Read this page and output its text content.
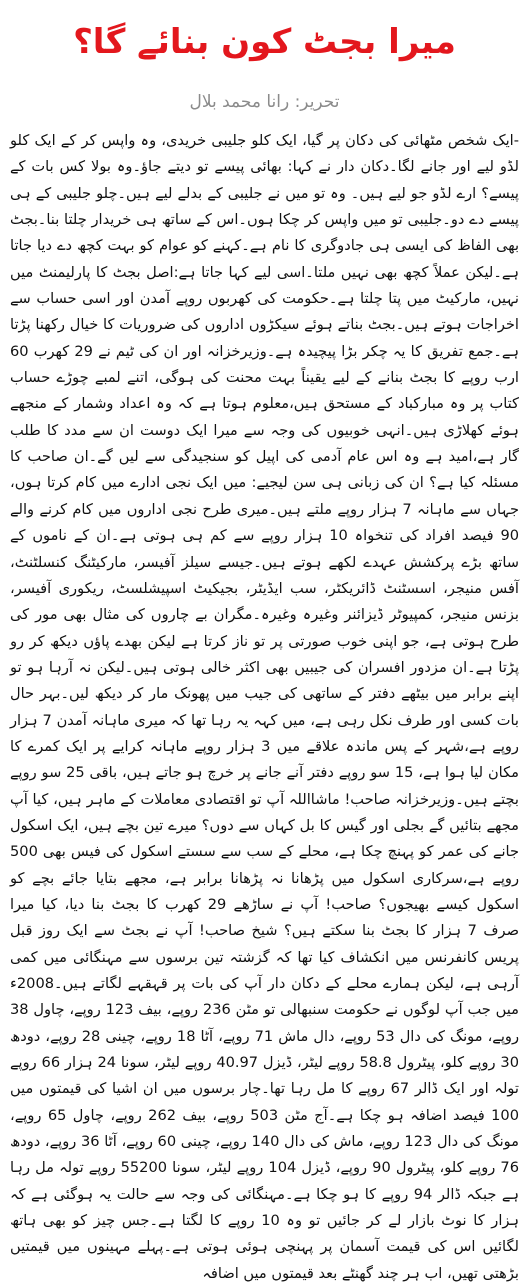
میرا بجٹ کون بنائے گا؟
تحریر: رانا محمد بلال

-ایک شخص مٹھائی کی دکان پر گیا، ایک کلو جلیبی خریدی، وہ واپس کر کے ایک کلو لڈو لیے اور جانے لگا۔دکان دار نے کہا: بھائی پیسے تو دیتے جاؤ۔وہ بولا کس بات کے پیسے؟ ارے لڈو جو لیے ہیں۔ وہ تو میں نے جلیبی کے بدلے لیے ہیں۔چلو جلیبی کے ہی پیسے دے دو۔جلیبی تو میں واپس کر چکا ہوں۔اس کے ساتھ ہی خریدار چلتا بنا۔بجٹ بھی الفاظ کی ایسی ہی جادوگری کا نام ہے۔کہنے کو عوام کو بہت کچھ دے دیا جاتا ہے۔لیکن عملاً کچھ بھی نہیں ملتا۔اسی لیے کہا جاتا ہے:اصل بجٹ کا پارلیمنٹ میں نہیں، مارکیٹ میں پتا چلتا ہے۔حکومت کی کھربوں روپے آمدن اور اسی حساب سے اخراجات ہوتے ہیں۔بجٹ بناتے ہوئے سیکڑوں اداروں کی ضروریات کا خیال رکھنا پڑتا ہے۔جمع تفریق کا یہ چکر بڑا پیچیدہ ہے۔وزیرخزانہ اور ان کی ٹیم نے 29 کھرب 60 ارب روپے کا بجٹ بنانے کے لیے یقیناً بہت محنت کی ہوگی، اتنے لمبے چوڑے حساب کتاب پر وہ مبارکباد کے مستحق ہیں،معلوم ہوتا ہے کہ وہ اعداد وشمار کے منجھے ہوئے کھلاڑی ہیں۔انہی خوبیوں کی وجہ سے میرا ایک دوست ان سے مدد کا طلب گار ہے،امید ہے وہ اس عام آدمی کی اپیل کو سنجیدگی سے لیں گے۔ان صاحب کا مسئلہ کیا ہے؟ ان کی زبانی ہی سن لیجیے: میں ایک نجی ادارے میں کام کرتا ہوں، جہاں سے ماہانہ 7 ہزار روپے ملتے ہیں۔میری طرح نجی اداروں میں کام کرنے والے 90 فیصد افراد کی تنخواہ 10 ہزار روپے سے کم ہی ہوتی ہے۔ان کے ناموں کے ساتھ بڑے پرکشش عہدے لکھے ہوتے ہیں۔جیسے سیلز آفیسر، مارکیٹنگ کنسلٹنٹ، آفس منیجر، اسسٹنٹ ڈائریکٹر، سب ایڈیٹر، بجیکیٹ اسپیشلسٹ، ریکوری آفیسر، بزنس منیجر، کمپیوٹر ڈیزائنر وغیرہ وغیرہ۔مگران بے چاروں کی مثال بھی مور کی طرح ہوتی ہے، جو اپنی خوب صورتی پر تو ناز کرتا ہے لیکن بھدے پاؤں دیکھ کر رو پڑتا ہے۔ان مزدور افسران کی جیبیں بھی اکثر خالی ہوتی ہیں۔لیکن نہ آرہا ہو تو اپنے برابر میں بیٹھے دفتر کے ساتھی کی جیب میں پھونک مار کر دیکھ لیں۔بہر حال بات کسی اور طرف نکل رہی ہے، میں کہہ یہ رہا تھا کہ میری ماہانہ آمدن 7 ہزار روپے ہے،شہر کے پس ماندہ علاقے میں 3 ہزار روپے ماہانہ کرایے پر ایک کمرے کا مکان لیا ہوا ہے، 15 سو روپے دفتر آنے جانے پر خرچ ہو جاتے ہیں، باقی 25 سو روپے بچتے ہیں۔وزیرخزانہ صاحب! ماشااللہ آپ تو اقتصادی معاملات کے ماہر ہیں، کیا آپ مجھے بتائیں گے بجلی اور گیس کا بل کہاں سے دوں؟ میرے تین بچے ہیں، ایک اسکول جانے کی عمر کو پہنچ چکا ہے، محلے کے سب سے سستے اسکول کی فیس بھی 500 روپے ہے،سرکاری اسکول میں پڑھانا نہ پڑھانا برابر ہے، مجھے بتایا جائے بچے کو اسکول کیسے بھیجوں؟ صاحب! آپ نے ساڑھے 29 کھرب کا بجٹ بنا دیا، کیا میرا صرف 7 ہزار کا بجٹ بنا سکتے ہیں؟ شیخ صاحب! آپ نے بجٹ سے ایک روز قبل پریس کانفرنس میں انکشاف کیا تھا کہ گزشتہ تین برسوں سے مہنگائی میں کمی آرہی ہے، لیکن ہمارے محلے کے دکان دار آپ کی بات پر قہقہے لگاتے ہیں۔2008ء میں جب آپ لوگوں نے حکومت سنبھالی تو مٹن 236 روپے، بیف 123 روپے، چاول 38 روپے، مونگ کی دال 53 روپے، دال ماش 71 روپے، آٹا 18 روپے، چینی 28 روپے، دودھ 30 روپے کلو، پیٹرول 58.8 روپے لیٹر، ڈیزل 40.97 روپے لیٹر، سونا 24 ہزار 66 روپے تولہ اور ایک ڈالر 67 روپے کا مل رہا تھا۔چار برسوں میں ان اشیا کی قیمتوں میں 100 فیصد اضافہ ہو چکا ہے۔آج مٹن 503 روپے، بیف 262 روپے، چاول 65 روپے، مونگ کی دال 123 روپے، ماش کی دال 140 روپے، چینی 60 روپے، آٹا 36 روپے، دودھ 76 روپے کلو، پیٹرول 90 روپے، ڈیزل 104 روپے لیٹر، سونا 55200 روپے تولہ مل رہا ہے جبکہ ڈالر 94 روپے کا ہو چکا ہے۔مہنگائی کی وجہ سے حالت یہ ہوگئی ہے کہ ہزار کا نوٹ بازار لے کر جائیں تو وہ 10 روپے کا لگتا ہے۔جس چیز کو بھی ہاتھ لگائیں اس کی قیمت آسمان پر پہنچی ہوئی ہوتی ہے۔پہلے مہینوں میں قیمتیں بڑھتی تھیں، اب ہر چند گھنٹے بعد قیمتوں میں اضافہ
